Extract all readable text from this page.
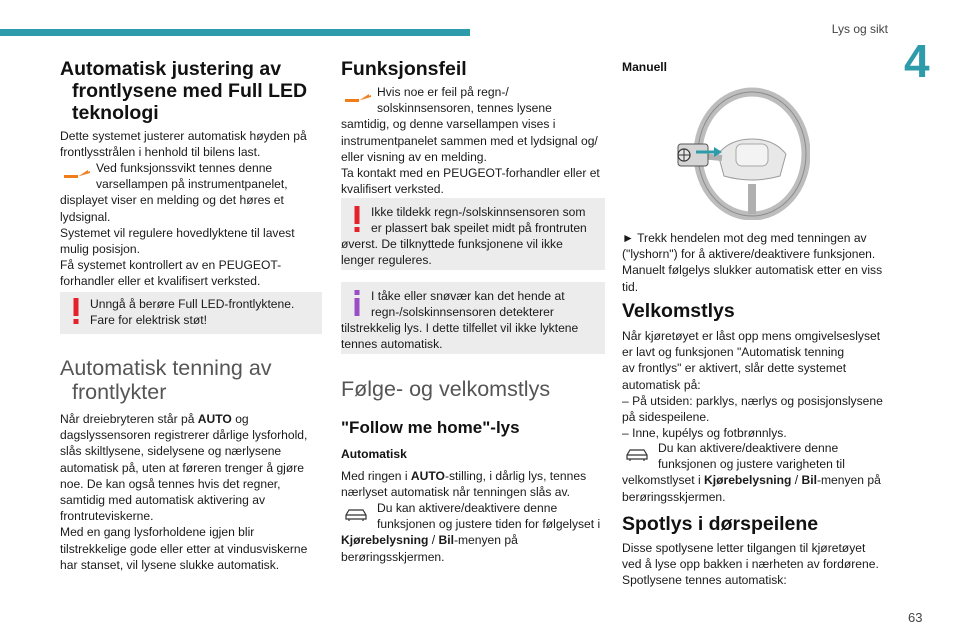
Lys og sikt
4
63
Automatisk justering av
frontlysene med Full LED
teknologi

Dette systemet justerer automatisk høyden på

frontlysstrålen i henhold til bilens last.

Ved funksjonssvikt tennes denne

varsellampen på instrumentpanelet,

displayet viser en melding og det høres et

lydsignal.

Systemet vil regulere hovedlyktene til lavest

mulig posisjon.

Få systemet kontrollert av en PEUGEOT-

forhandler eller et kvalifisert verksted.

Unngå å berøre Full LED-frontlyktene.

Fare for elektrisk støt!

Automatisk tenning av
frontlykter

Når dreiebryteren står på AUTO og

dagslyssensoren registrerer dårlige lysforhold,

slås skiltlysene, sidelysene og nærlysene

automatisk på, uten at føreren trenger å gjøre

noe. De kan også tennes hvis det regner,

samtidig med automatisk aktivering av

frontruteviskerne.

Med en gang lysforholdene igjen blir

tilstrekkelige gode eller etter at vindusviskerne

har stanset, vil lysene slukke automatisk.

Funksjonsfeil

Hvis noe er feil på regn-/

solskinnsensoren, tennes lysene

samtidig, og denne varsellampen vises i

instrumentpanelet sammen med et lydsignal og/

eller visning av en melding.

Ta kontakt med en PEUGEOT-forhandler eller et

kvalifisert verksted.

Ikke tildekk regn-/solskinnsensoren som

er plassert bak speilet midt på frontruten

øverst. De tilknyttede funksjonene vil ikke

lenger reguleres.

I tåke eller snøvær kan det hende at

regn-/solskinnsensoren detekterer

tilstrekkelig lys. I dette tilfellet vil ikke lyktene

tennes automatisk.

Følge- og velkomstlys
"Follow me home"-lys
Automatisk

Med ringen i AUTO-stilling, i dårlig lys, tennes

nærlyset automatisk når tenningen slås av.

Du kan aktivere/deaktivere denne

funksjonen og justere tiden for følgelyset i

Kjørebelysning / Bil-menyen på

berøringsskjermen.

Manuell

► Trekk hendelen mot deg med tenningen av

("lyshorn") for å aktivere/deaktivere funksjonen.

Manuelt følgelys slukker automatisk etter en viss

tid.

Velkomstlys

Når kjøretøyet er låst opp mens omgivelseslyset

er lavt og funksjonen "Automatisk tenning

av frontlys" er aktivert, slår dette systemet

automatisk på:

– På utsiden: parklys, nærlys og posisjonslysene

på sidespeilene.

– Inne, kupélys og fotbrønnlys.

Du kan aktivere/deaktivere denne

funksjonen og justere varigheten til

velkomstlyset i Kjørebelysning / Bil-menyen på

berøringsskjermen.

Spotlys i dørspeilene

Disse spotlysene letter tilgangen til kjøretøyet

ved å lyse opp bakken i nærheten av fordørene.

Spotlysene tennes automatisk:
